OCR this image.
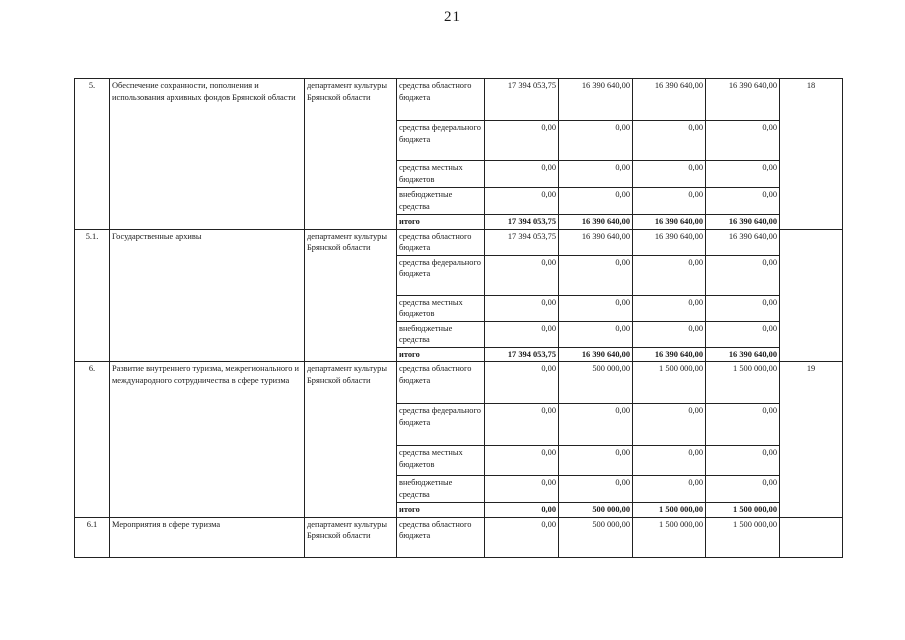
21
5.	Обеспечение сохранности, пополнения и использования архивных фондов Брянской области	департамент культуры Брянской области	средства областного бюджета	17 394 053,75	16 390 640,00	16 390 640,00	16 390 640,00	18
			средства федерального бюджета	0,00	0,00	0,00	0,00	
			средства местных бюджетов	0,00	0,00	0,00	0,00	
			внебюджетные средства	0,00	0,00	0,00	0,00	
			итого	17 394 053,75	16 390 640,00	16 390 640,00	16 390 640,00	
5.1.	Государственные архивы	департамент культуры Брянской области	средства областного бюджета	17 394 053,75	16 390 640,00	16 390 640,00	16 390 640,00	
			средства федерального бюджета	0,00	0,00	0,00	0,00	
			средства местных бюджетов	0,00	0,00	0,00	0,00	
			внебюджетные средства	0,00	0,00	0,00	0,00	
			итого	17 394 053,75	16 390 640,00	16 390 640,00	16 390 640,00	
6.	Развитие внутреннего туризма, межрегионального и международного сотрудничества в сфере туризма	департамент культуры Брянской области	средства областного бюджета	0,00	500 000,00	1 500 000,00	1 500 000,00	19
			средства федерального бюджета	0,00	0,00	0,00	0,00	
			средства местных бюджетов	0,00	0,00	0,00	0,00	
			внебюджетные средства	0,00	0,00	0,00	0,00	
			итого	0,00	500 000,00	1 500 000,00	1 500 000,00	
6.1	Мероприятия в сфере туризма	департамент культуры Брянской области	средства областного бюджета	0,00	500 000,00	1 500 000,00	1 500 000,00	
